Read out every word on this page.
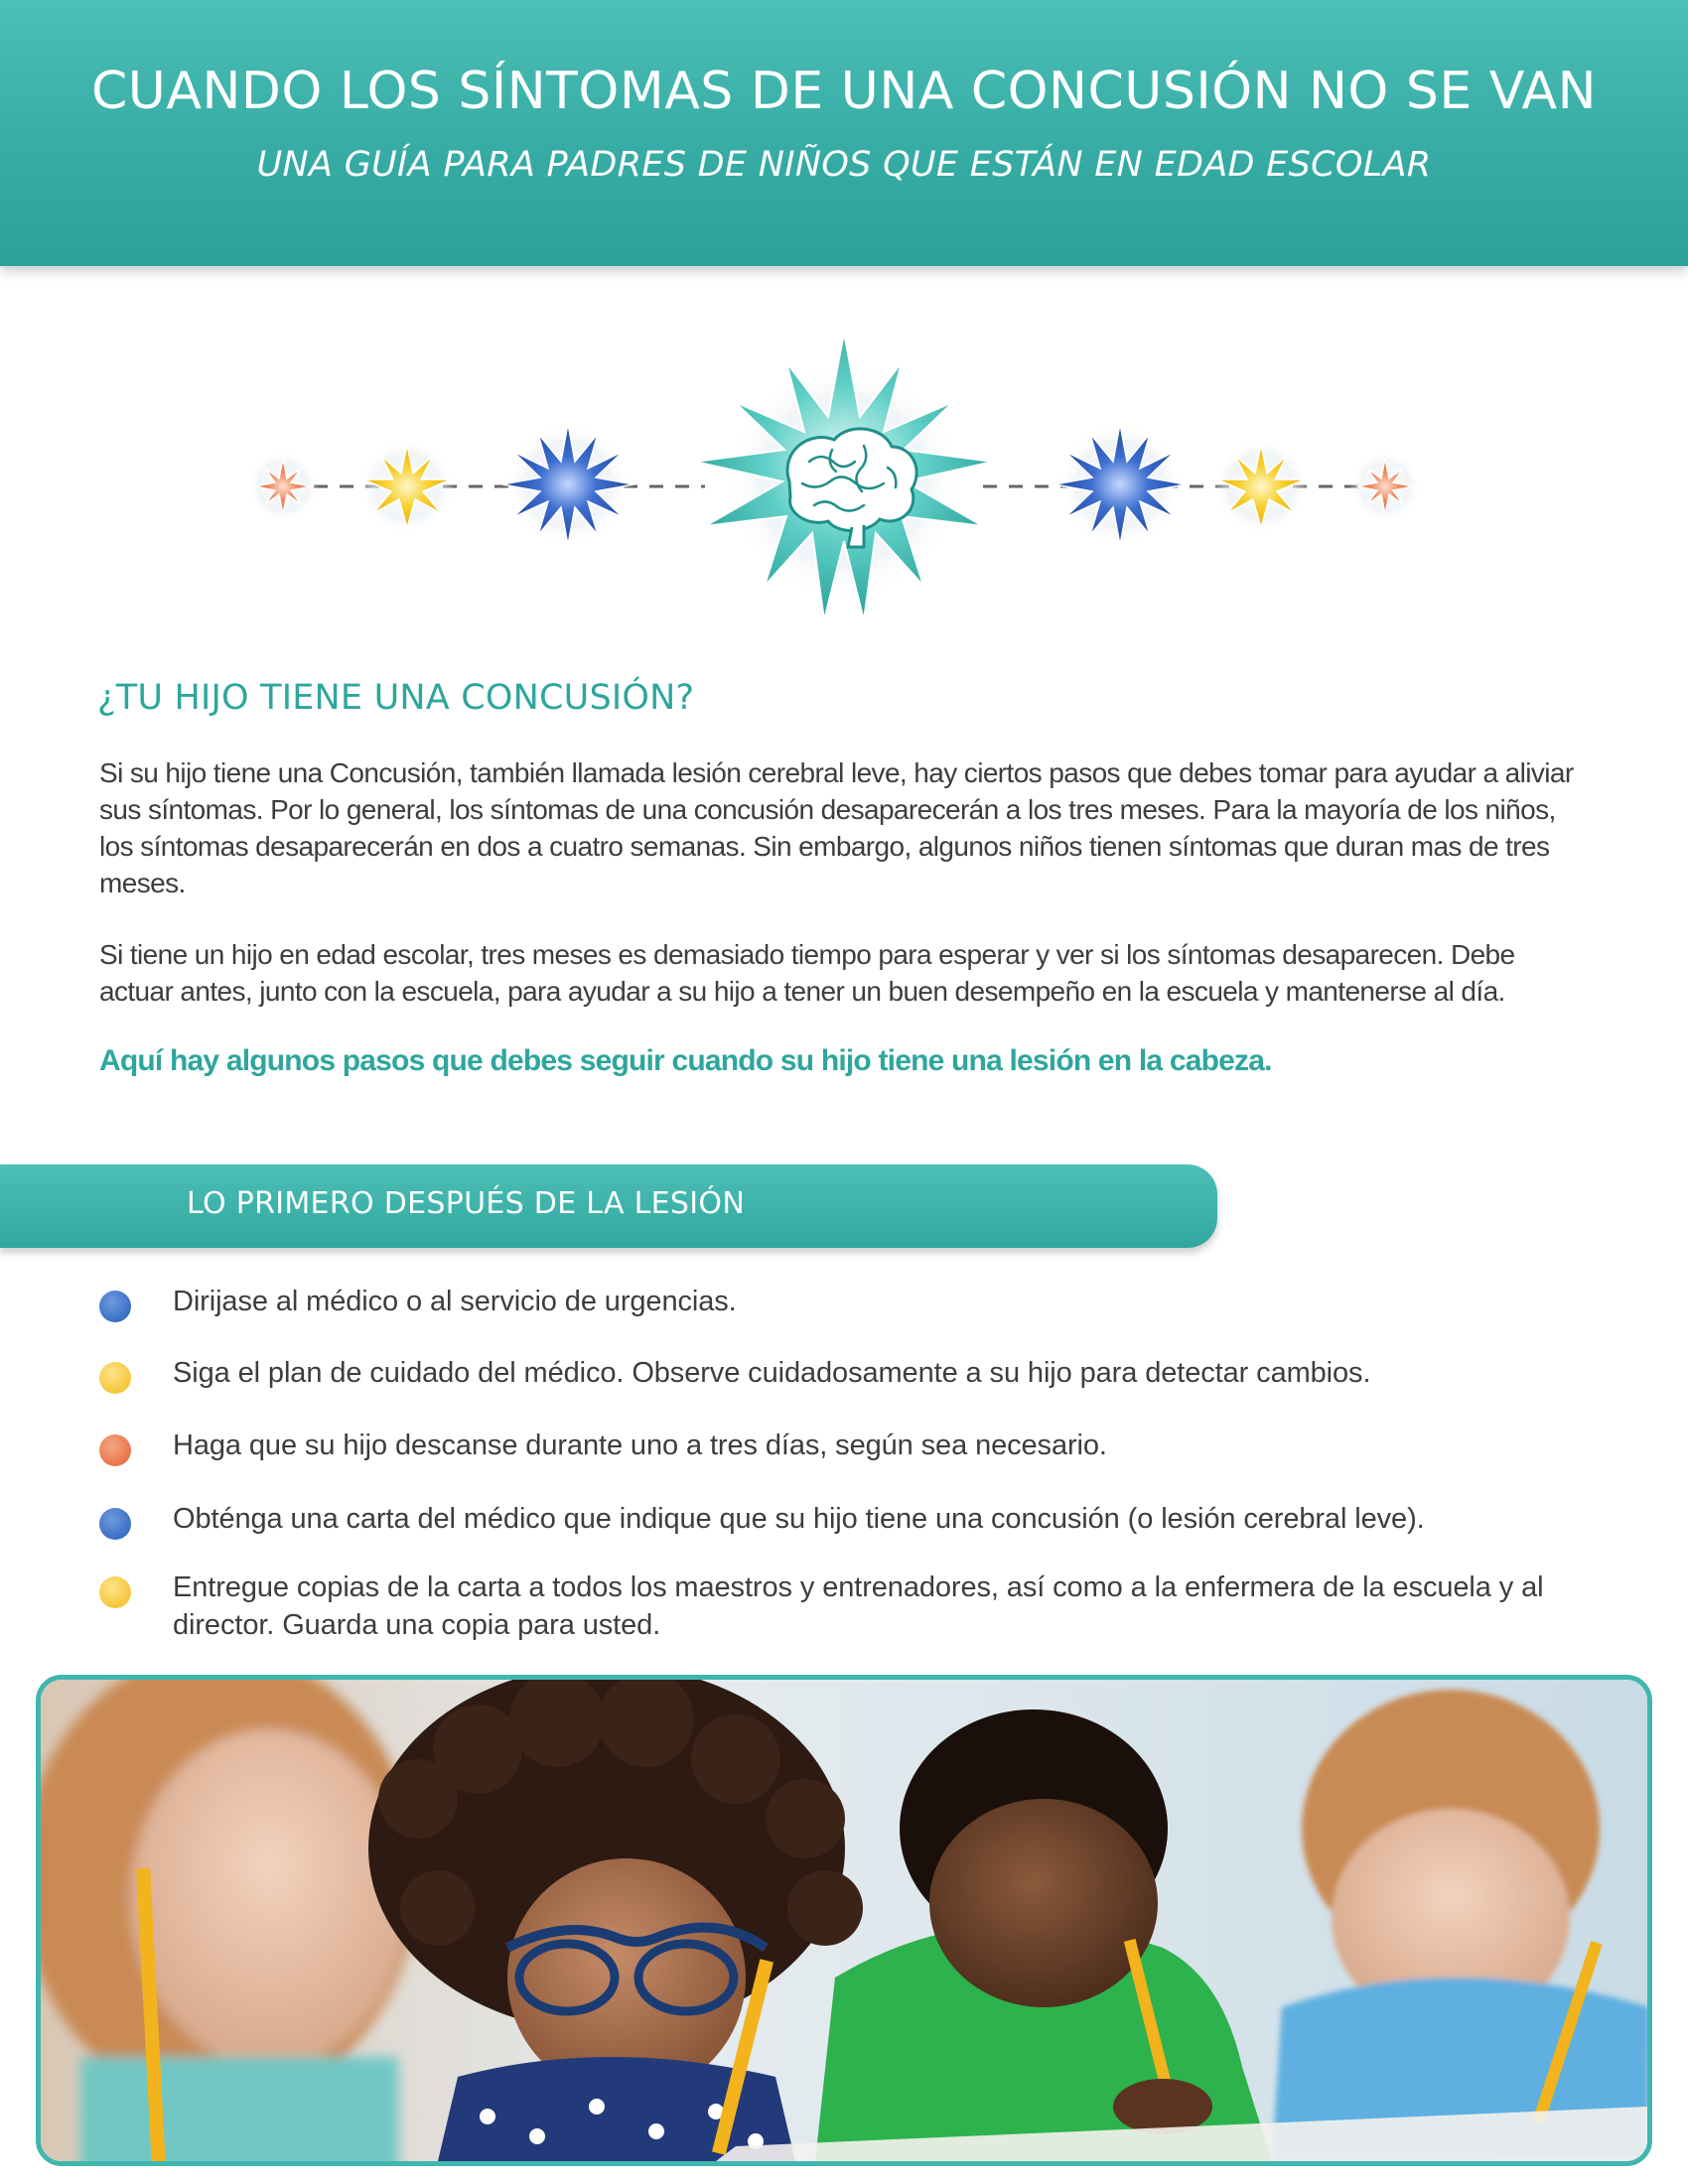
CUANDO LOS SÍNTOMAS DE UNA CONCUSIÓN NO SE VAN
UNA GUÍA PARA PADRES DE NIÑOS QUE ESTÁN EN EDAD ESCOLAR
¿TU HIJO TIENE UNA CONCUSIÓN?

Si su hijo tiene una Concusión, también llamada lesión cerebral leve, hay ciertos pasos que debes tomar para ayudar a aliviar sus síntomas. Por lo general, los síntomas de una concusión desaparecerán a los tres meses. Para la mayoría de los niños, los síntomas desaparecerán en dos a cuatro semanas. Sin embargo, algunos niños tienen síntomas que duran mas de tres meses.

Si tiene un hijo en edad escolar, tres meses es demasiado tiempo para esperar y ver si los síntomas desaparecen. Debe actuar antes, junto con la escuela, para ayudar a su hijo a tener un buen desempeño en la escuela y mantenerse al día.

Aquí hay algunos pasos que debes seguir cuando su hijo tiene una lesión en la cabeza.

LO PRIMERO DESPUÉS DE LA LESIÓN
Dirijase al médico o al servicio de urgencias.
Siga el plan de cuidado del médico. Observe cuidadosamente a su hijo para detectar cambios.
Haga que su hijo descanse durante uno a tres días, según sea necesario.
Obténga una carta del médico que indique que su hijo tiene una concusión (o lesión cerebral leve).
Entregue copias de la carta a todos los maestros y entrenadores, así como a la enfermera de la escuela y al director. Guarda una copia para usted.
